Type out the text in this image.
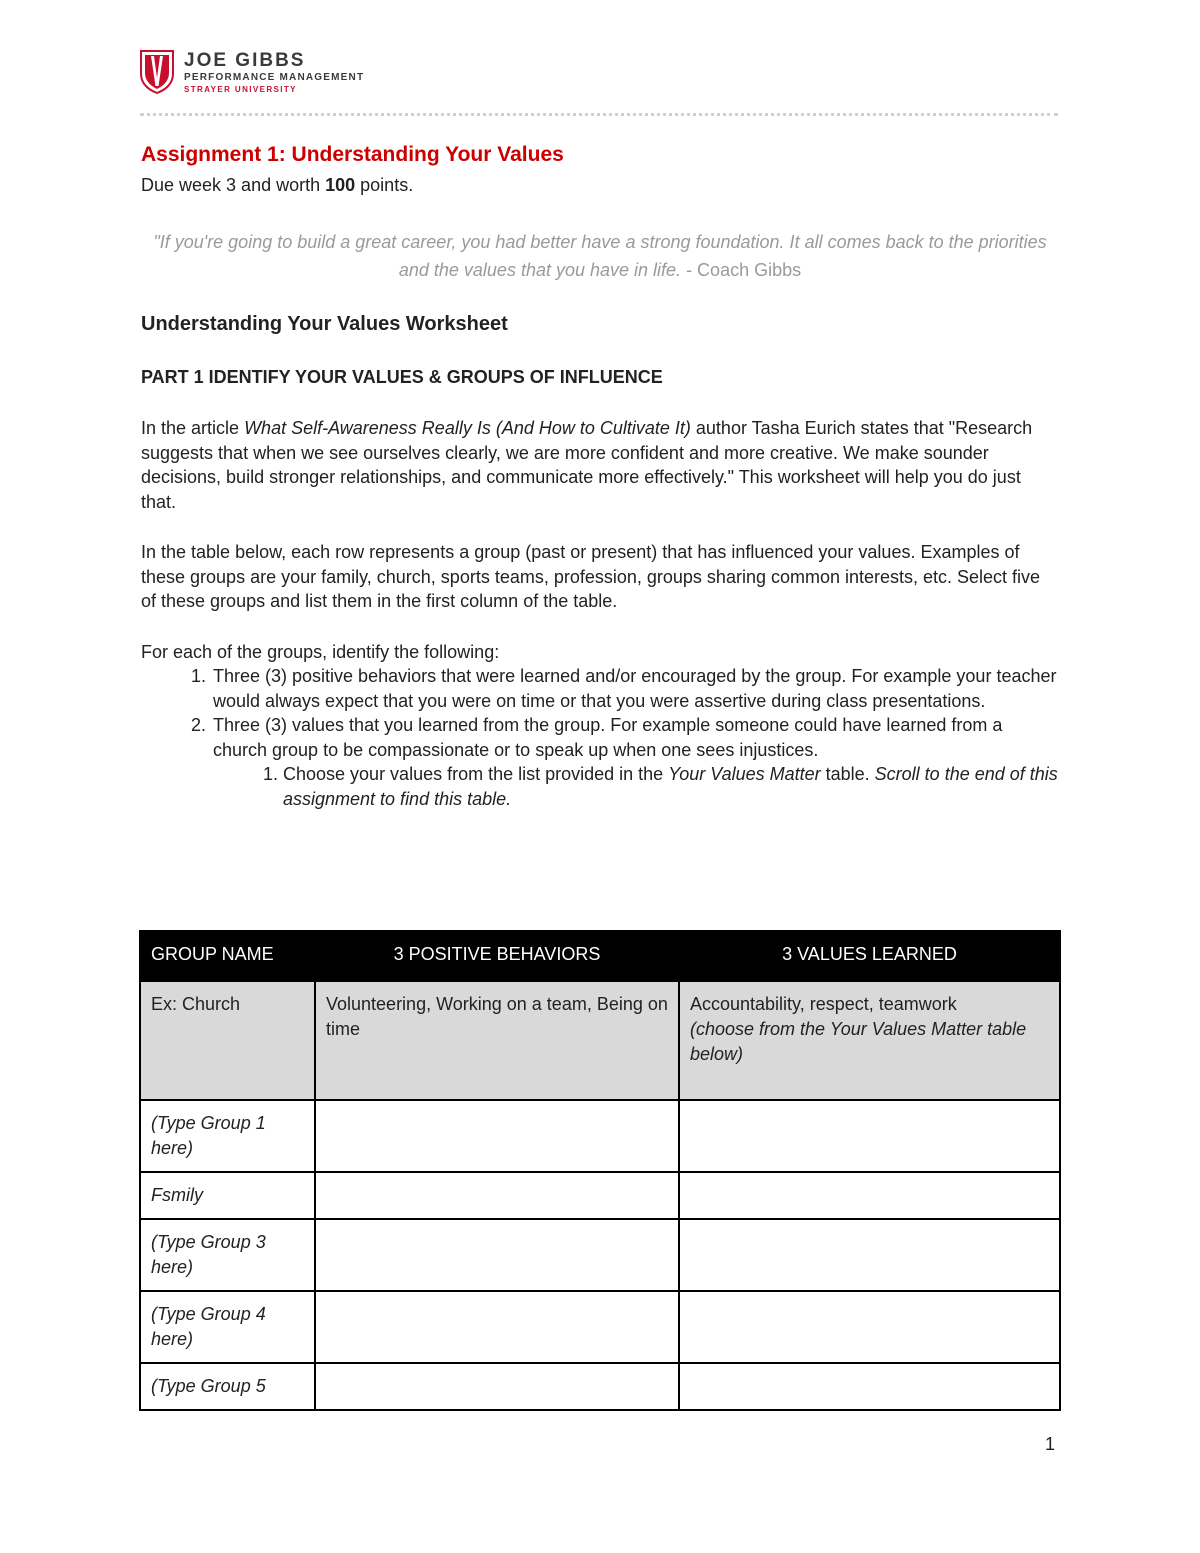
JOE GIBBS
PERFORMANCE MANAGEMENT
STRAYER UNIVERSITY
Assignment 1: Understanding Your Values

Due week 3 and worth 100 points.

"If you're going to build a great career, you had better have a strong foundation. It all comes back to the priorities and the values that you have in life. - Coach Gibbs

Understanding Your Values Worksheet
PART 1 IDENTIFY YOUR VALUES & GROUPS OF INFLUENCE

In the article What Self-Awareness Really Is (And How to Cultivate It) author Tasha Eurich states that "Research suggests that when we see ourselves clearly, we are more confident and more creative. We make sounder decisions, build stronger relationships, and communicate more effectively." This worksheet will help you do just that.

In the table below, each row represents a group (past or present) that has influenced your values. Examples of these groups are your family, church, sports teams, profession, groups sharing common interests, etc. Select five of these groups and list them in the first column of the table.

For each of the groups, identify the following:

1. Three (3) positive behaviors that were learned and/or encouraged by the group. For example your teacher would always expect that you were on time or that you were assertive during class presentations.
2. Three (3) values that you learned from the group. For example someone could have learned from a church group to be compassionate or to speak up when one sees injustices.
1. Choose your values from the list provided in the Your Values Matter table. Scroll to the end of this assignment to find this table.
GROUP NAME	3 POSITIVE BEHAVIORS	3 VALUES LEARNED
Ex: Church	Volunteering, Working on a team, Being on time	Accountability, respect, teamwork
(choose from the Your Values Matter table below)
(Type Group 1 here)		
Fsmily		
(Type Group 3 here)		
(Type Group 4 here)		
(Type Group 5		
1
